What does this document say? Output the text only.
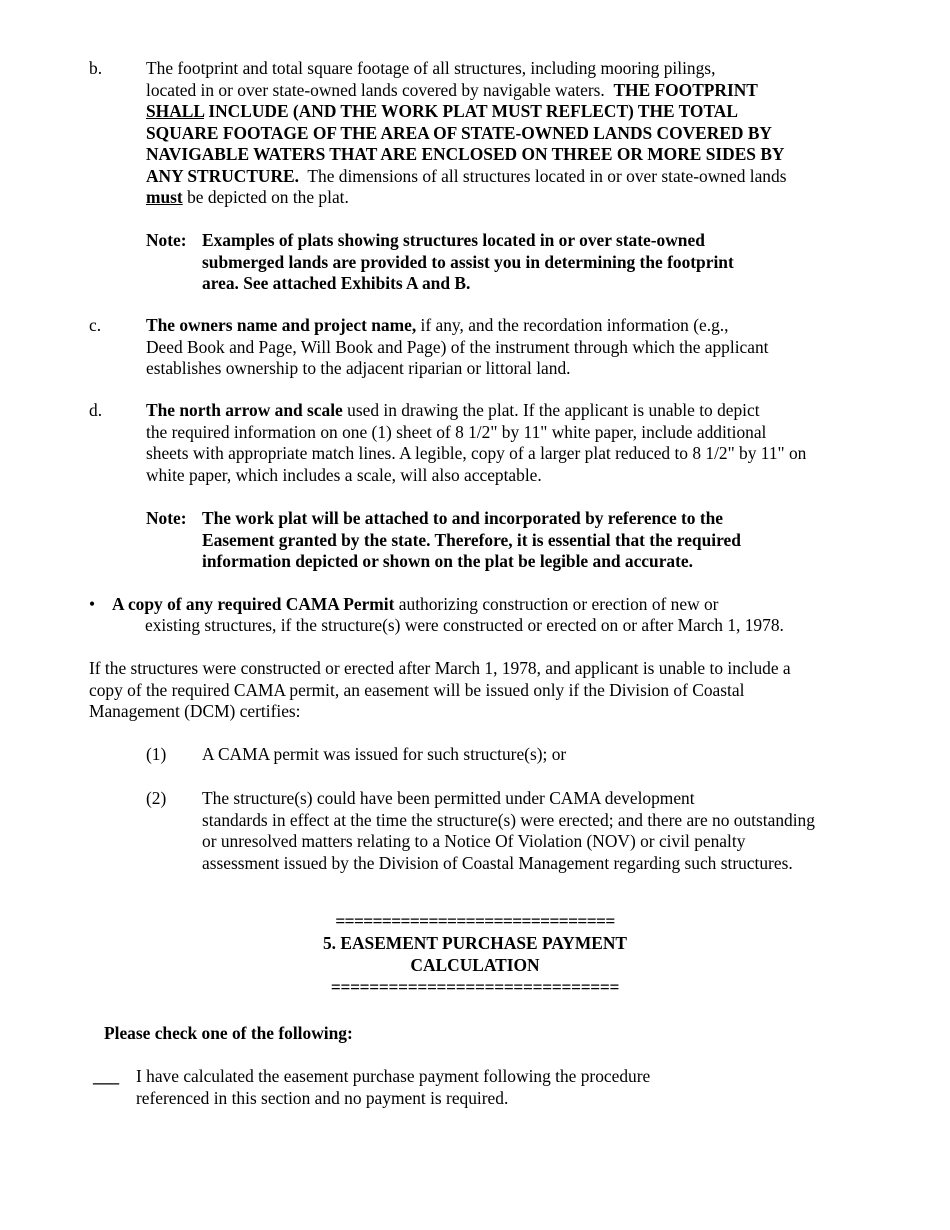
b.	The footprint and total square footage of all structures, including mooring pilings,
located in or over state-owned lands covered by navigable waters. THE FOOTPRINT
SHALL INCLUDE (AND THE WORK PLAT MUST REFLECT) THE TOTAL
SQUARE FOOTAGE OF THE AREA OF STATE-OWNED LANDS COVERED BY
NAVIGABLE WATERS THAT ARE ENCLOSED ON THREE OR MORE SIDES BY
ANY STRUCTURE. The dimensions of all structures located in or over state-owned lands
must be depicted on the plat.
Note: Examples of plats showing structures located in or over state-owned
submerged lands are provided to assist you in determining the footprint
area. See attached Exhibits A and B.
c.	The owners name and project name, if any, and the recordation information (e.g.,
Deed Book and Page, Will Book and Page) of the instrument through which the applicant
establishes ownership to the adjacent riparian or littoral land.
d.	The north arrow and scale used in drawing the plat. If the applicant is unable to depict
the required information on one (1) sheet of 8 1/2" by 11" white paper, include additional
sheets with appropriate match lines. A legible, copy of a larger plat reduced to 8 1/2" by 11" on
white paper, which includes a scale, will also acceptable.
Note: The work plat will be attached to and incorporated by reference to the
Easement granted by the state. Therefore, it is essential that the required
information depicted or shown on the plat be legible and accurate.
• A copy of any required CAMA Permit authorizing construction or erection of new or
existing structures, if the structure(s) were constructed or erected on or after March 1, 1978.
If the structures were constructed or erected after March 1, 1978, and applicant is unable to include a
copy of the required CAMA permit, an easement will be issued only if the Division of Coastal
Management (DCM) certifies:
(1) A CAMA permit was issued for such structure(s); or
(2) The structure(s) could have been permitted under CAMA development
standards in effect at the time the structure(s) were erected; and there are no outstanding
or unresolved matters relating to a Notice Of Violation (NOV) or civil penalty
assessment issued by the Division of Coastal Management regarding such structures.
==============================
5. EASEMENT PURCHASE PAYMENT
CALCULATION
==============================
Please check one of the following:
___ I have calculated the easement purchase payment following the procedure
referenced in this section and no payment is required.
